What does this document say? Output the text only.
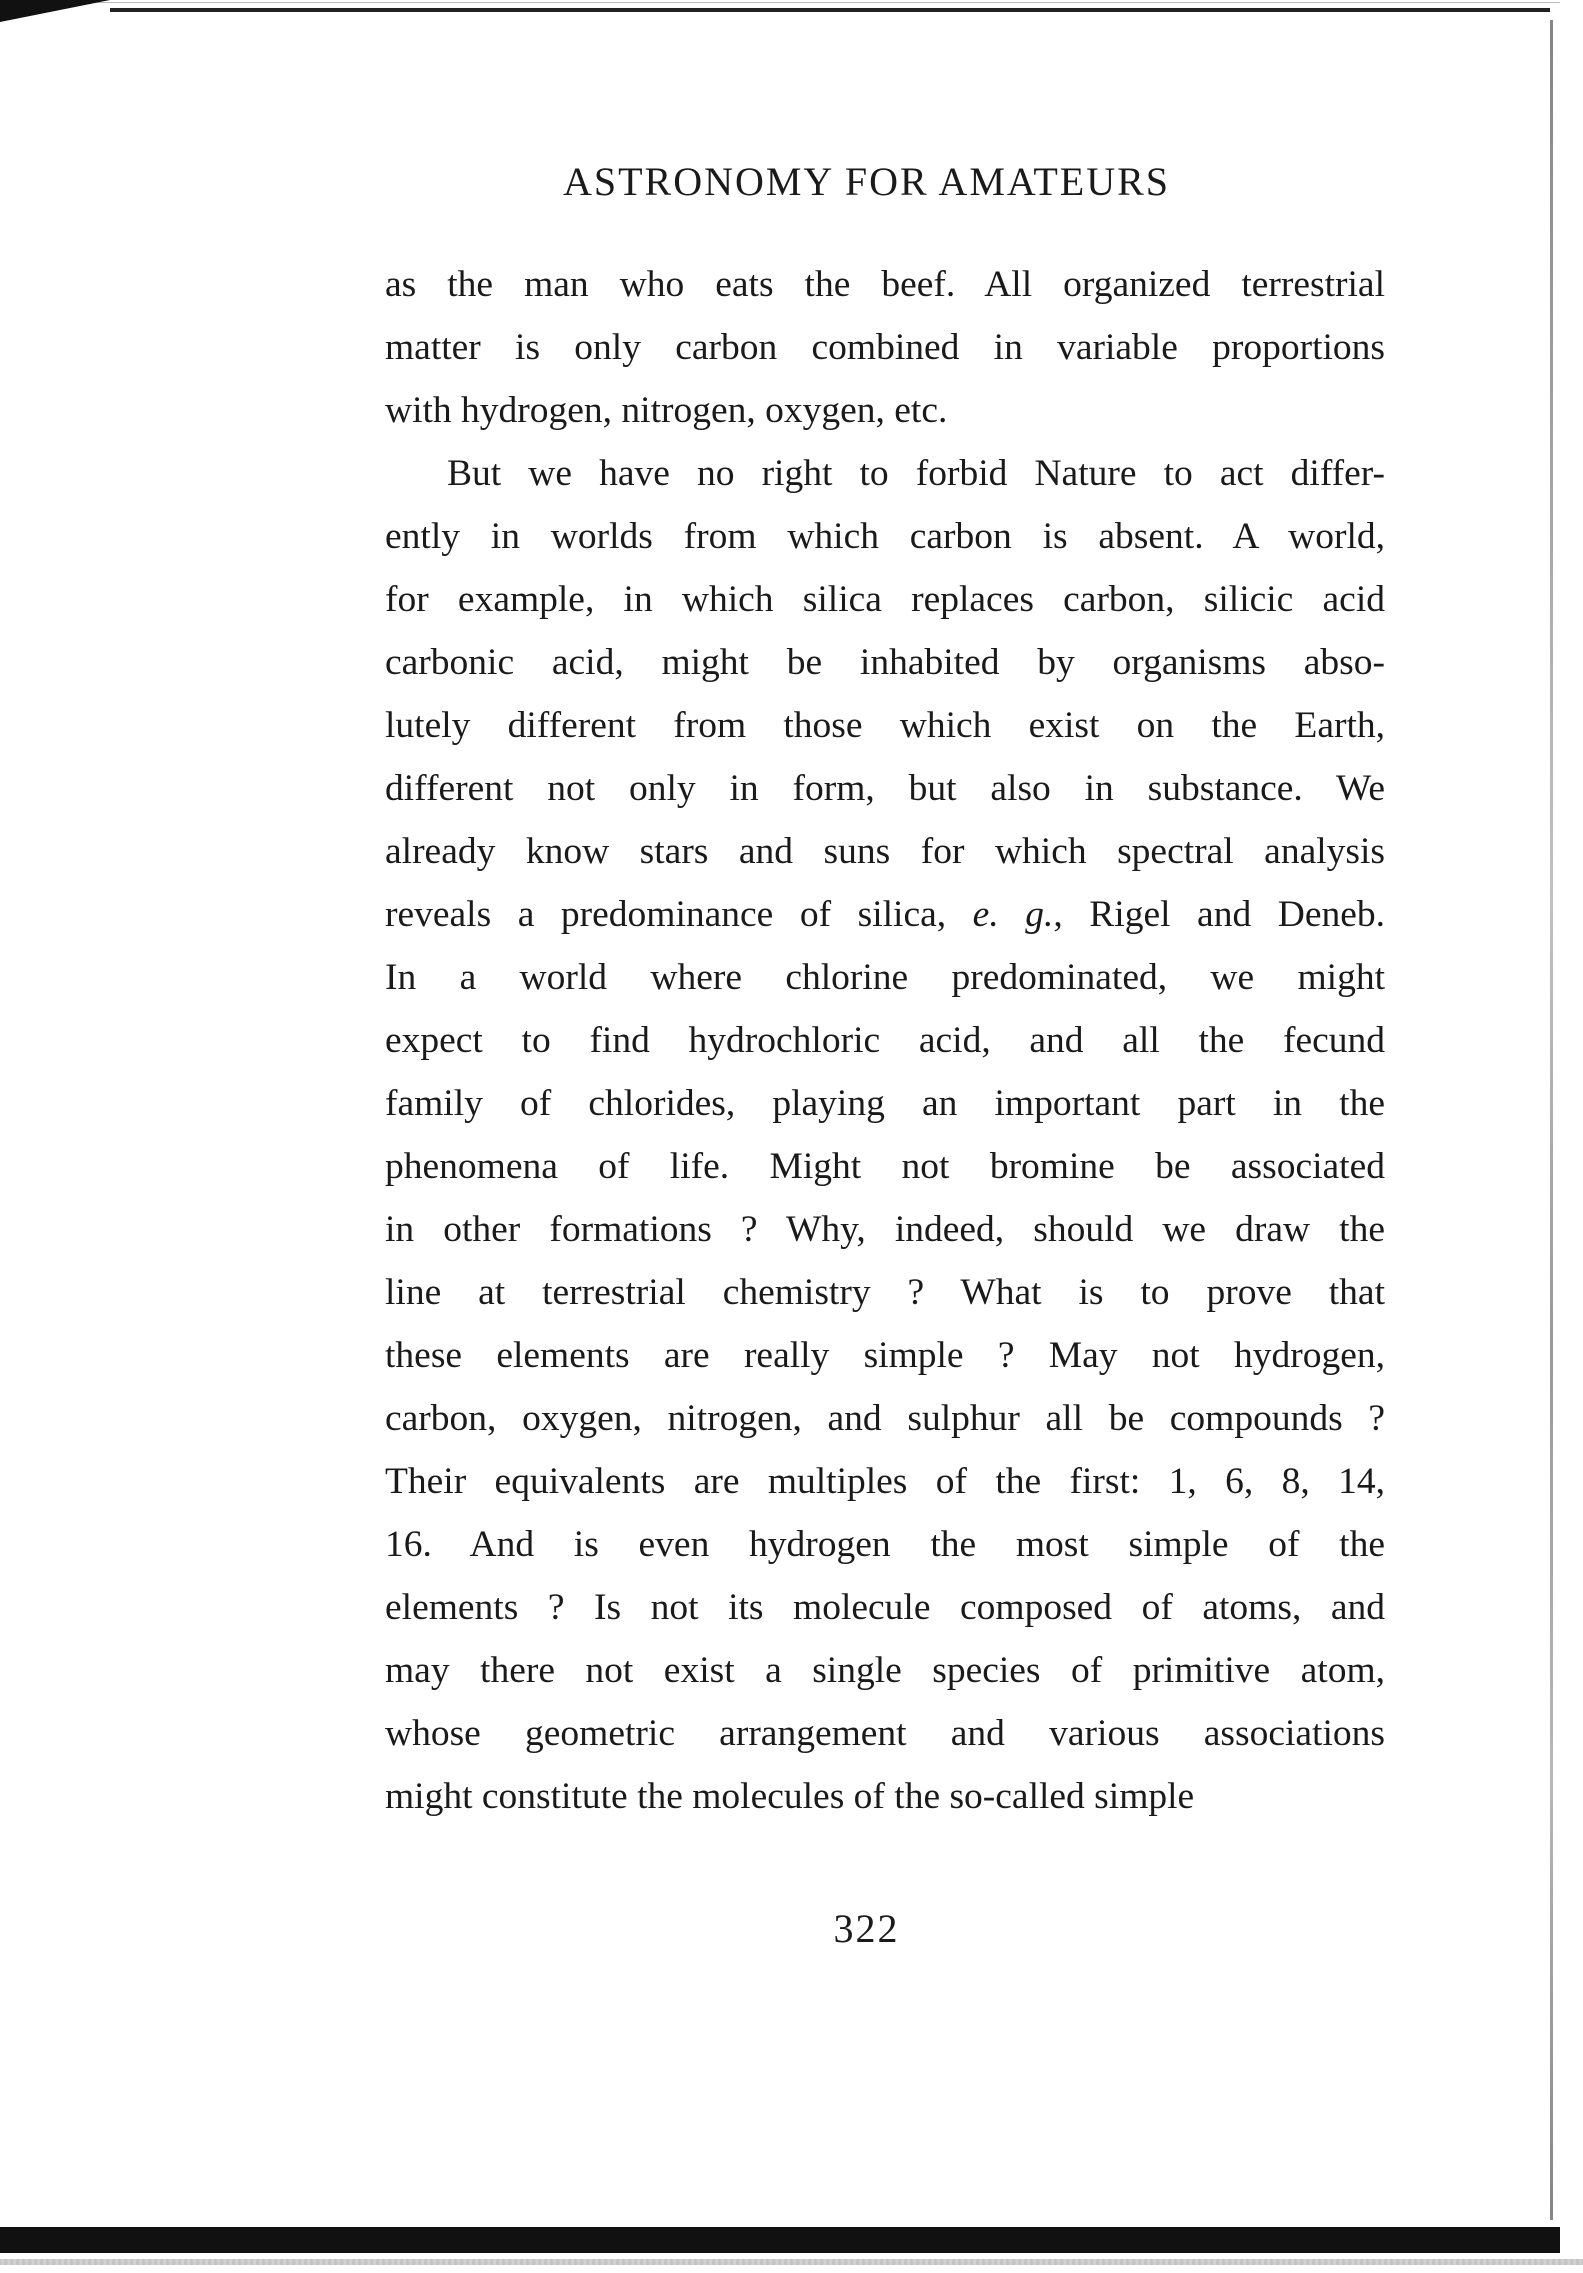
ASTRONOMY FOR AMATEURS
as the man who eats the beef. All organized terrestrial
matter is only carbon combined in variable proportions
with hydrogen, nitrogen, oxygen, etc.
But we have no right to forbid Nature to act differ-
ently in worlds from which carbon is absent. A world,
for example, in which silica replaces carbon, silicic acid
carbonic acid, might be inhabited by organisms abso-
lutely different from those which exist on the Earth,
different not only in form, but also in substance. We
already know stars and suns for which spectral analysis
reveals a predominance of silica, e. g., Rigel and Deneb.
In a world where chlorine predominated, we might
expect to find hydrochloric acid, and all the fecund
family of chlorides, playing an important part in the
phenomena of life. Might not bromine be associated
in other formations ? Why, indeed, should we draw the
line at terrestrial chemistry ? What is to prove that
these elements are really simple ? May not hydrogen,
carbon, oxygen, nitrogen, and sulphur all be compounds ?
Their equivalents are multiples of the first: 1, 6, 8, 14,
16. And is even hydrogen the most simple of the
elements ? Is not its molecule composed of atoms, and
may there not exist a single species of primitive atom,
whose geometric arrangement and various associations
might constitute the molecules of the so-called simple
322
